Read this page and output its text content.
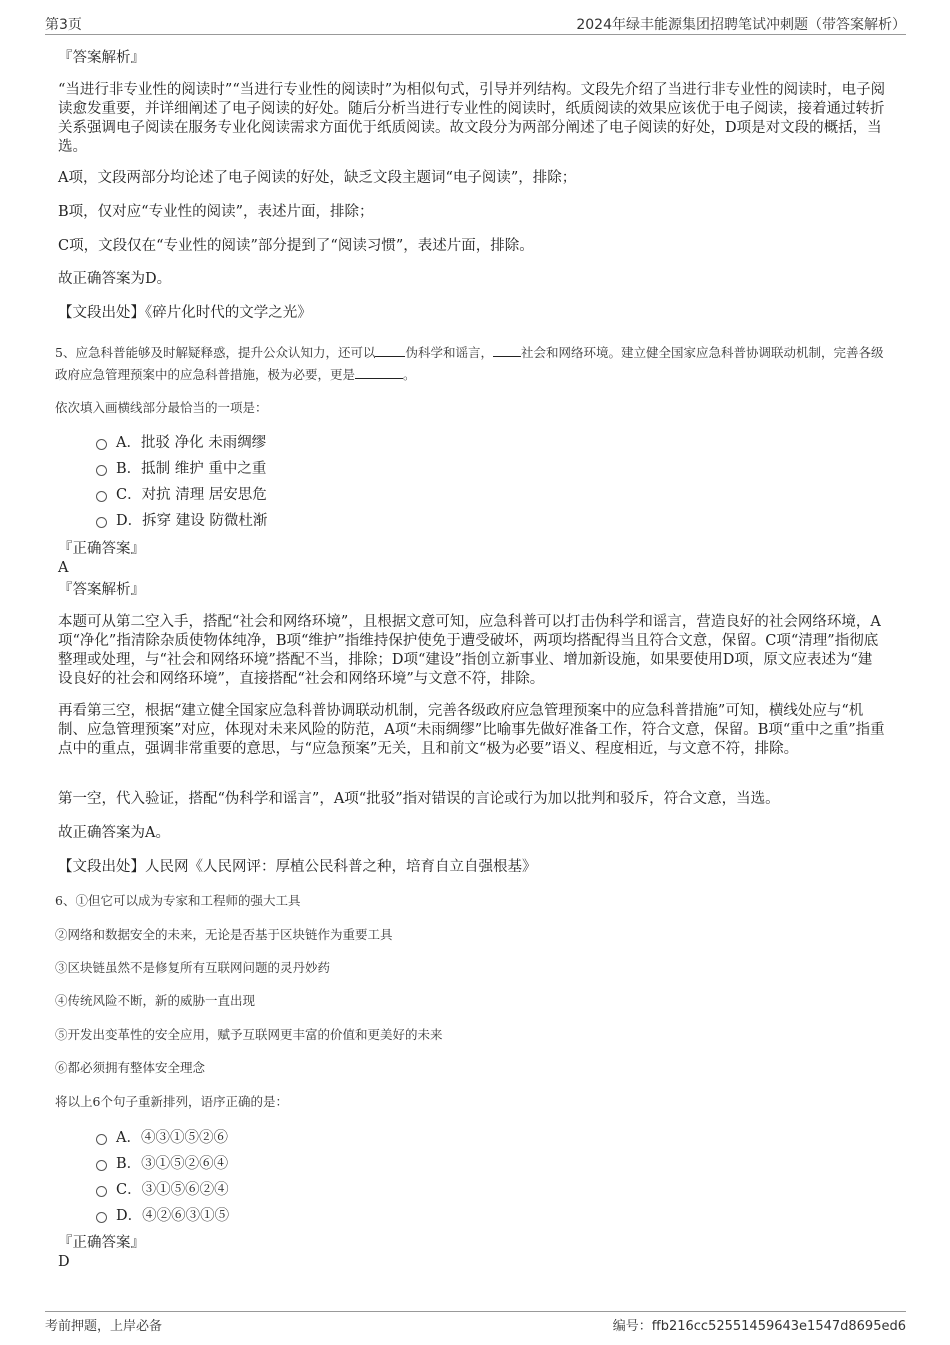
第3页	2024年绿丰能源集团招聘笔试冲刺题（带答案解析）

『答案解析』

“当进行非专业性的阅读时”“当进行专业性的阅读时”为相似句式，引导并列结构。文段先介绍了当进行非专业性的阅读时，电子阅读愈发重要，并详细阐述了电子阅读的好处。随后分析当进行专业性的阅读时，纸质阅读的效果应该优于电子阅读，接着通过转折关系强调电子阅读在服务专业化阅读需求方面优于纸质阅读。故文段分为两部分阐述了电子阅读的好处，D项是对文段的概括，当选。

A项，文段两部分均论述了电子阅读的好处，缺乏文段主题词“电子阅读”，排除；

B项，仅对应“专业性的阅读”，表述片面，排除；

C项，文段仅在“专业性的阅读”部分提到了“阅读习惯”，表述片面，排除。

故正确答案为D。

【文段出处】《碎片化时代的文学之光》

5、应急科普能够及时解疑释惑，提升公众认知力，还可以 伪科学和谣言， 社会和网络环境。建立健全国家应急科普协调联动机制，完善各级政府应急管理预案中的应急科普措施，极为必要，更是	。

依次填入画横线部分最恰当的一项是：

A．批驳 净化 未雨绸缪
B．抵制 维护 重中之重
C．对抗 清理 居安思危
D．拆穿 建设 防微杜渐

『正确答案』

A

『答案解析』

本题可从第二空入手，搭配“社会和网络环境”，且根据文意可知，应急科普可以打击伪科学和谣言，营造良好的社会网络环境，A项“净化”指清除杂质使物体纯净，B项“维护”指维持保护使免于遭受破坏，两项均搭配得当且符合文意，保留。C项“清理”指彻底整理或处理，与“社会和网络环境”搭配不当，排除；D项“建设”指创立新事业、增加新设施，如果要使用D项，原文应表述为“建设良好的社会和网络环境”，直接搭配“社会和网络环境”与文意不符，排除。

再看第三空，根据“建立健全国家应急科普协调联动机制，完善各级政府应急管理预案中的应急科普措施”可知，横线处应与“机制、应急管理预案”对应，体现对未来风险的防范，A项“未雨绸缪”比喻事先做好准备工作，符合文意，保留。B项“重中之重”指重点中的重点，强调非常重要的意思，与“应急预案”无关，且和前文“极为必要”语义、程度相近，与文意不符，排除。

第一空，代入验证，搭配“伪科学和谣言”，A项“批驳”指对错误的言论或行为加以批判和驳斥，符合文意，当选。

故正确答案为A。

【文段出处】人民网《人民网评：厚植公民科普之种，培育自立自强根基》

6、①但它可以成为专家和工程师的强大工具

②网络和数据安全的未来，无论是否基于区块链作为重要工具

③区块链虽然不是修复所有互联网问题的灵丹妙药

④传统风险不断，新的威胁一直出现

⑤开发出变革性的安全应用，赋予互联网更丰富的价值和更美好的未来

⑥都必须拥有整体安全理念

将以上6个句子重新排列，语序正确的是：

A．④③①⑤②⑥
B．③①⑤②⑥④
C．③①⑤⑥②④
D．④②⑥③①⑤

『正确答案』

D

考前押题，上岸必备	编号：ffb216cc52551459643e1547d8695ed6
